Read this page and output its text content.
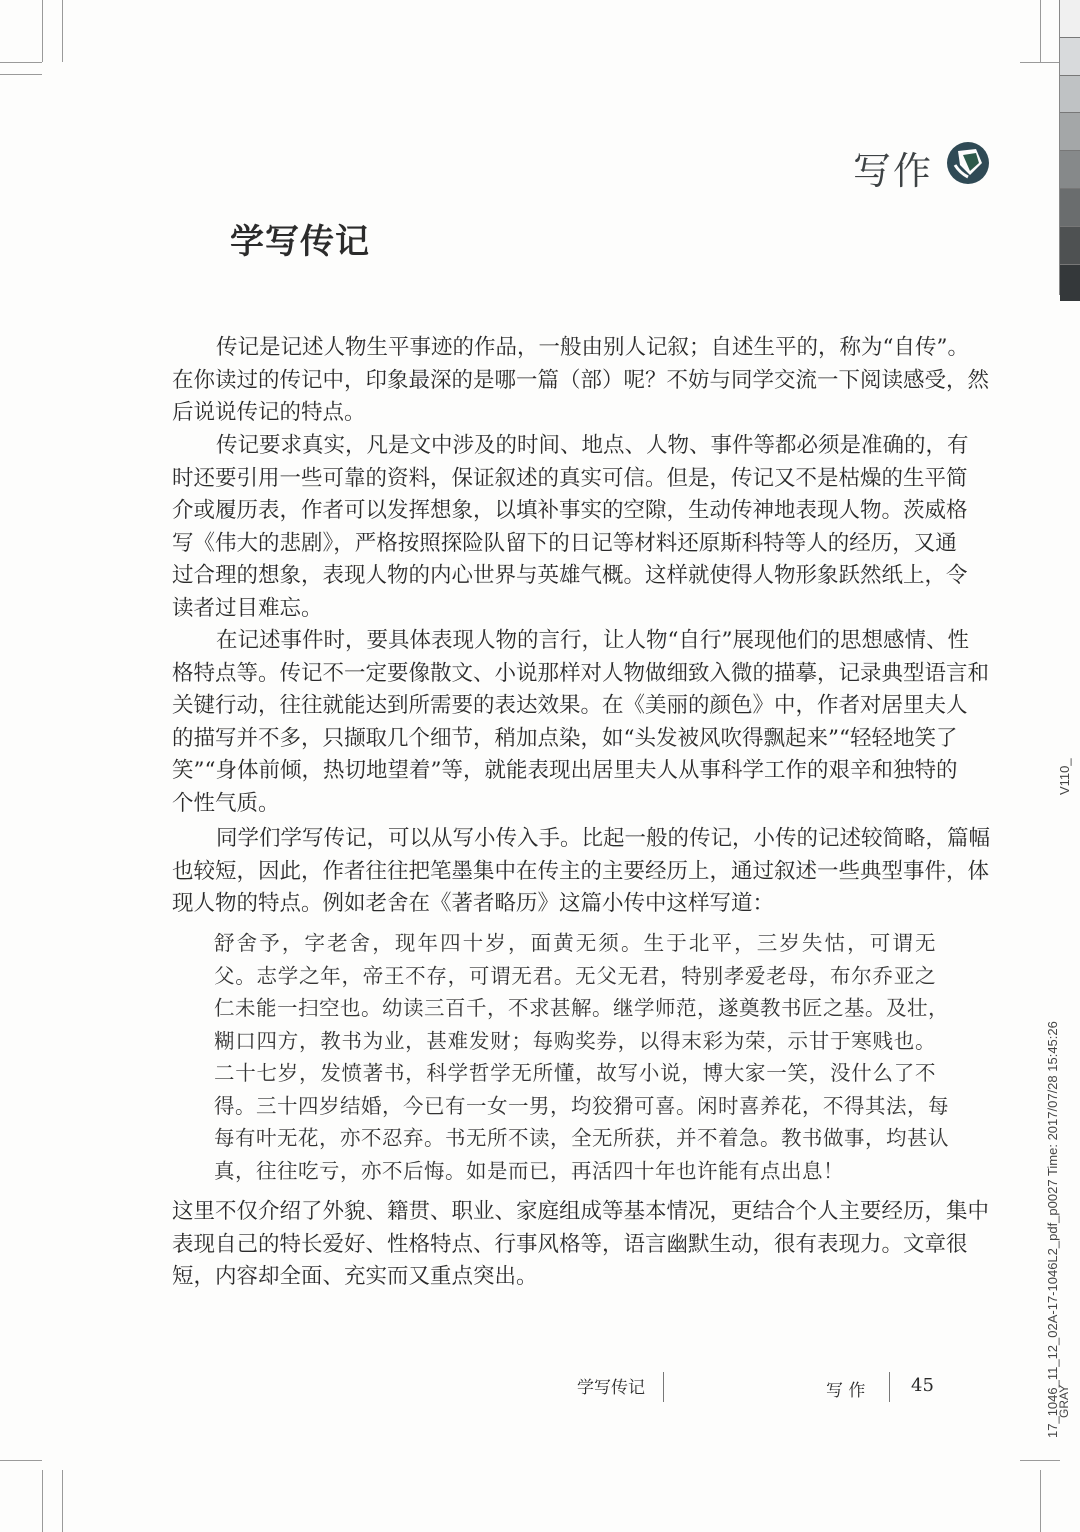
写作
学写传记
传记是记述人物生平事迹的作品，一般由别人记叙；自述生平的，称为“自传”。
在你读过的传记中，印象最深的是哪一篇（部）呢？不妨与同学交流一下阅读感受，然
后说说传记的特点。
传记要求真实，凡是文中涉及的时间、地点、人物、事件等都必须是准确的，有
时还要引用一些可靠的资料，保证叙述的真实可信。但是，传记又不是枯燥的生平简
介或履历表，作者可以发挥想象，以填补事实的空隙，生动传神地表现人物。茨威格
写《伟大的悲剧》，严格按照探险队留下的日记等材料还原斯科特等人的经历，又通
过合理的想象，表现人物的内心世界与英雄气概。这样就使得人物形象跃然纸上，令
读者过目难忘。
在记述事件时，要具体表现人物的言行，让人物“自行”展现他们的思想感情、性
格特点等。传记不一定要像散文、小说那样对人物做细致入微的描摹，记录典型语言和
关键行动，往往就能达到所需要的表达效果。在《美丽的颜色》中，作者对居里夫人
的描写并不多，只撷取几个细节，稍加点染，如“头发被风吹得飘起来”“轻轻地笑了
笑”“身体前倾，热切地望着”等，就能表现出居里夫人从事科学工作的艰辛和独特的
个性气质。
同学们学写传记，可以从写小传入手。比起一般的传记，小传的记述较简略，篇幅
也较短，因此，作者往往把笔墨集中在传主的主要经历上，通过叙述一些典型事件，体
现人物的特点。例如老舍在《著者略历》这篇小传中这样写道：
舒舍予，字老舍，现年四十岁，面黄无须。生于北平，三岁失怙，可谓无
父。志学之年，帝王不存，可谓无君。无父无君，特别孝爱老母，布尔乔亚之
仁未能一扫空也。幼读三百千，不求甚解。继学师范，遂奠教书匠之基。及壮，
糊口四方，教书为业，甚难发财；每购奖券，以得末彩为荣，示甘于寒贱也。
二十七岁，发愤著书，科学哲学无所懂，故写小说，博大家一笑，没什么了不
得。三十四岁结婚，今已有一女一男，均狡猾可喜。闲时喜养花，不得其法，每
每有叶无花，亦不忍弃。书无所不读，全无所获，并不着急。教书做事，均甚认
真，往往吃亏，亦不后悔。如是而已，再活四十年也许能有点出息！
这里不仅介绍了外貌、籍贯、职业、家庭组成等基本情况，更结合个人主要经历，集中
表现自己的特长爱好、性格特点、行事风格等，语言幽默生动，很有表现力。文章很
短，内容却全面、充实而又重点突出。
学写传记	写 作	45
V110_
17_1046_11_12_02A-17-1046L2_pdf_p0027 Time: 2017/07/28 15:45:26
GRAY
